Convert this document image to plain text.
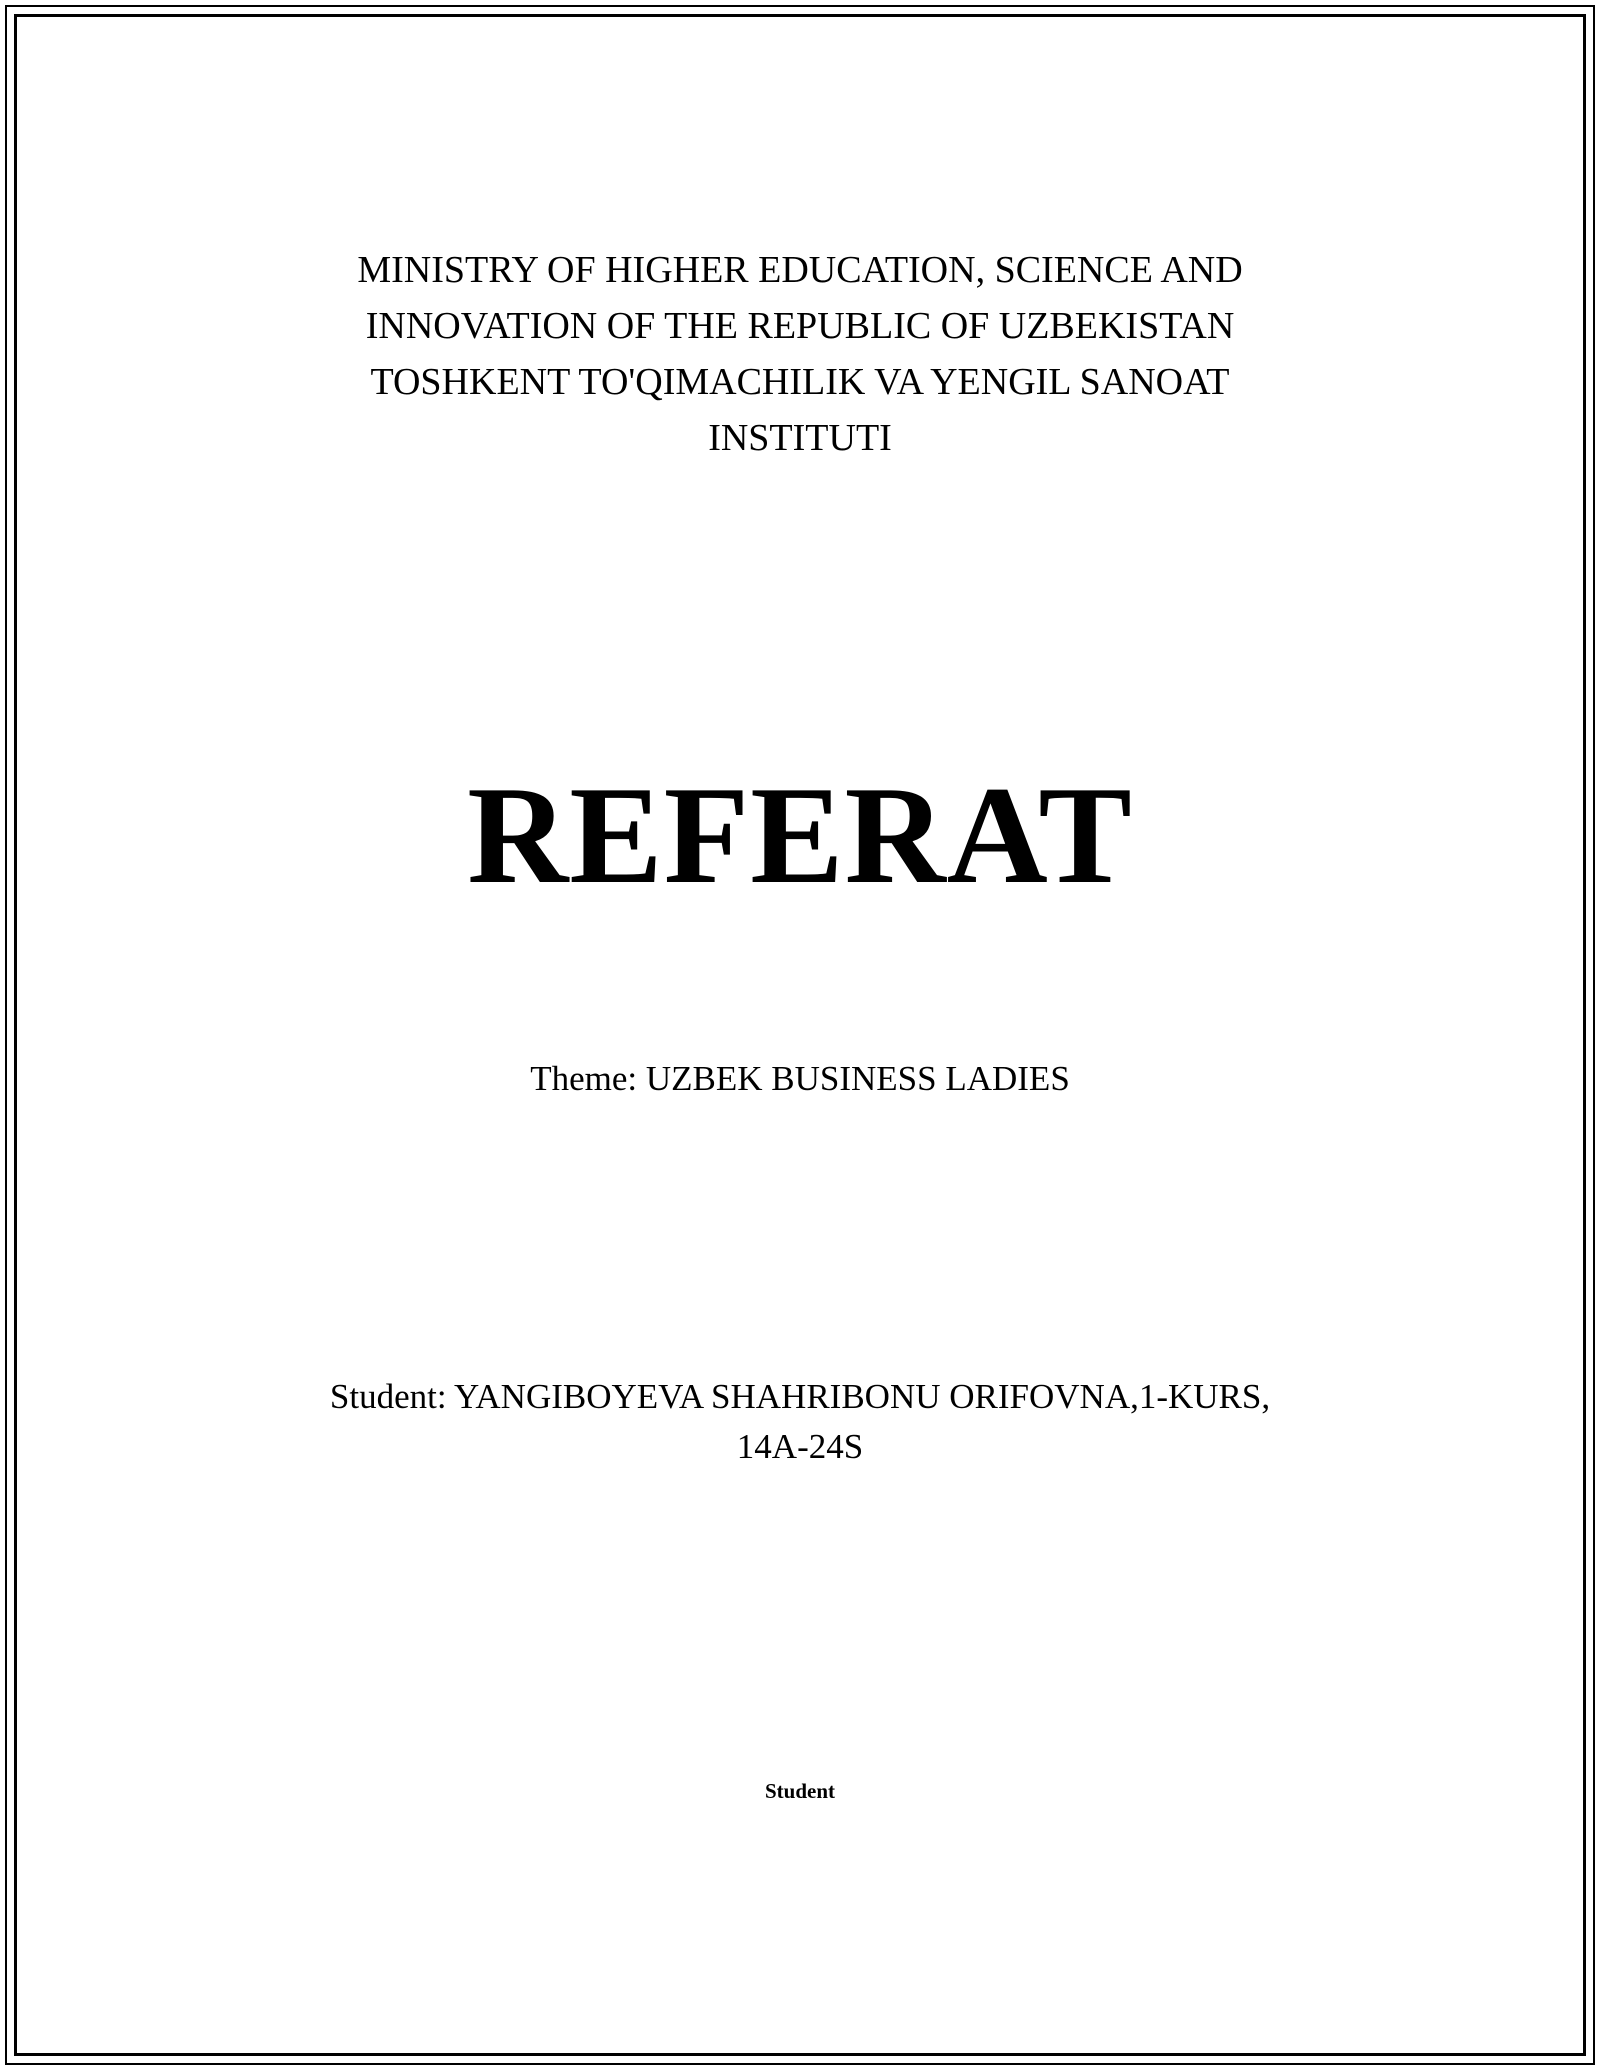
MINISTRY OF HIGHER EDUCATION, SCIENCE AND
INNOVATION OF THE REPUBLIC OF UZBEKISTAN
TOSHKENT TO'QIMACHILIK VA YENGIL SANOAT
INSTITUTI
REFERAT
Theme: UZBEK BUSINESS LADIES
Student: YANGIBOYEVA SHAHRIBONU ORIFOVNA,1-KURS,
14A-24S
Student
